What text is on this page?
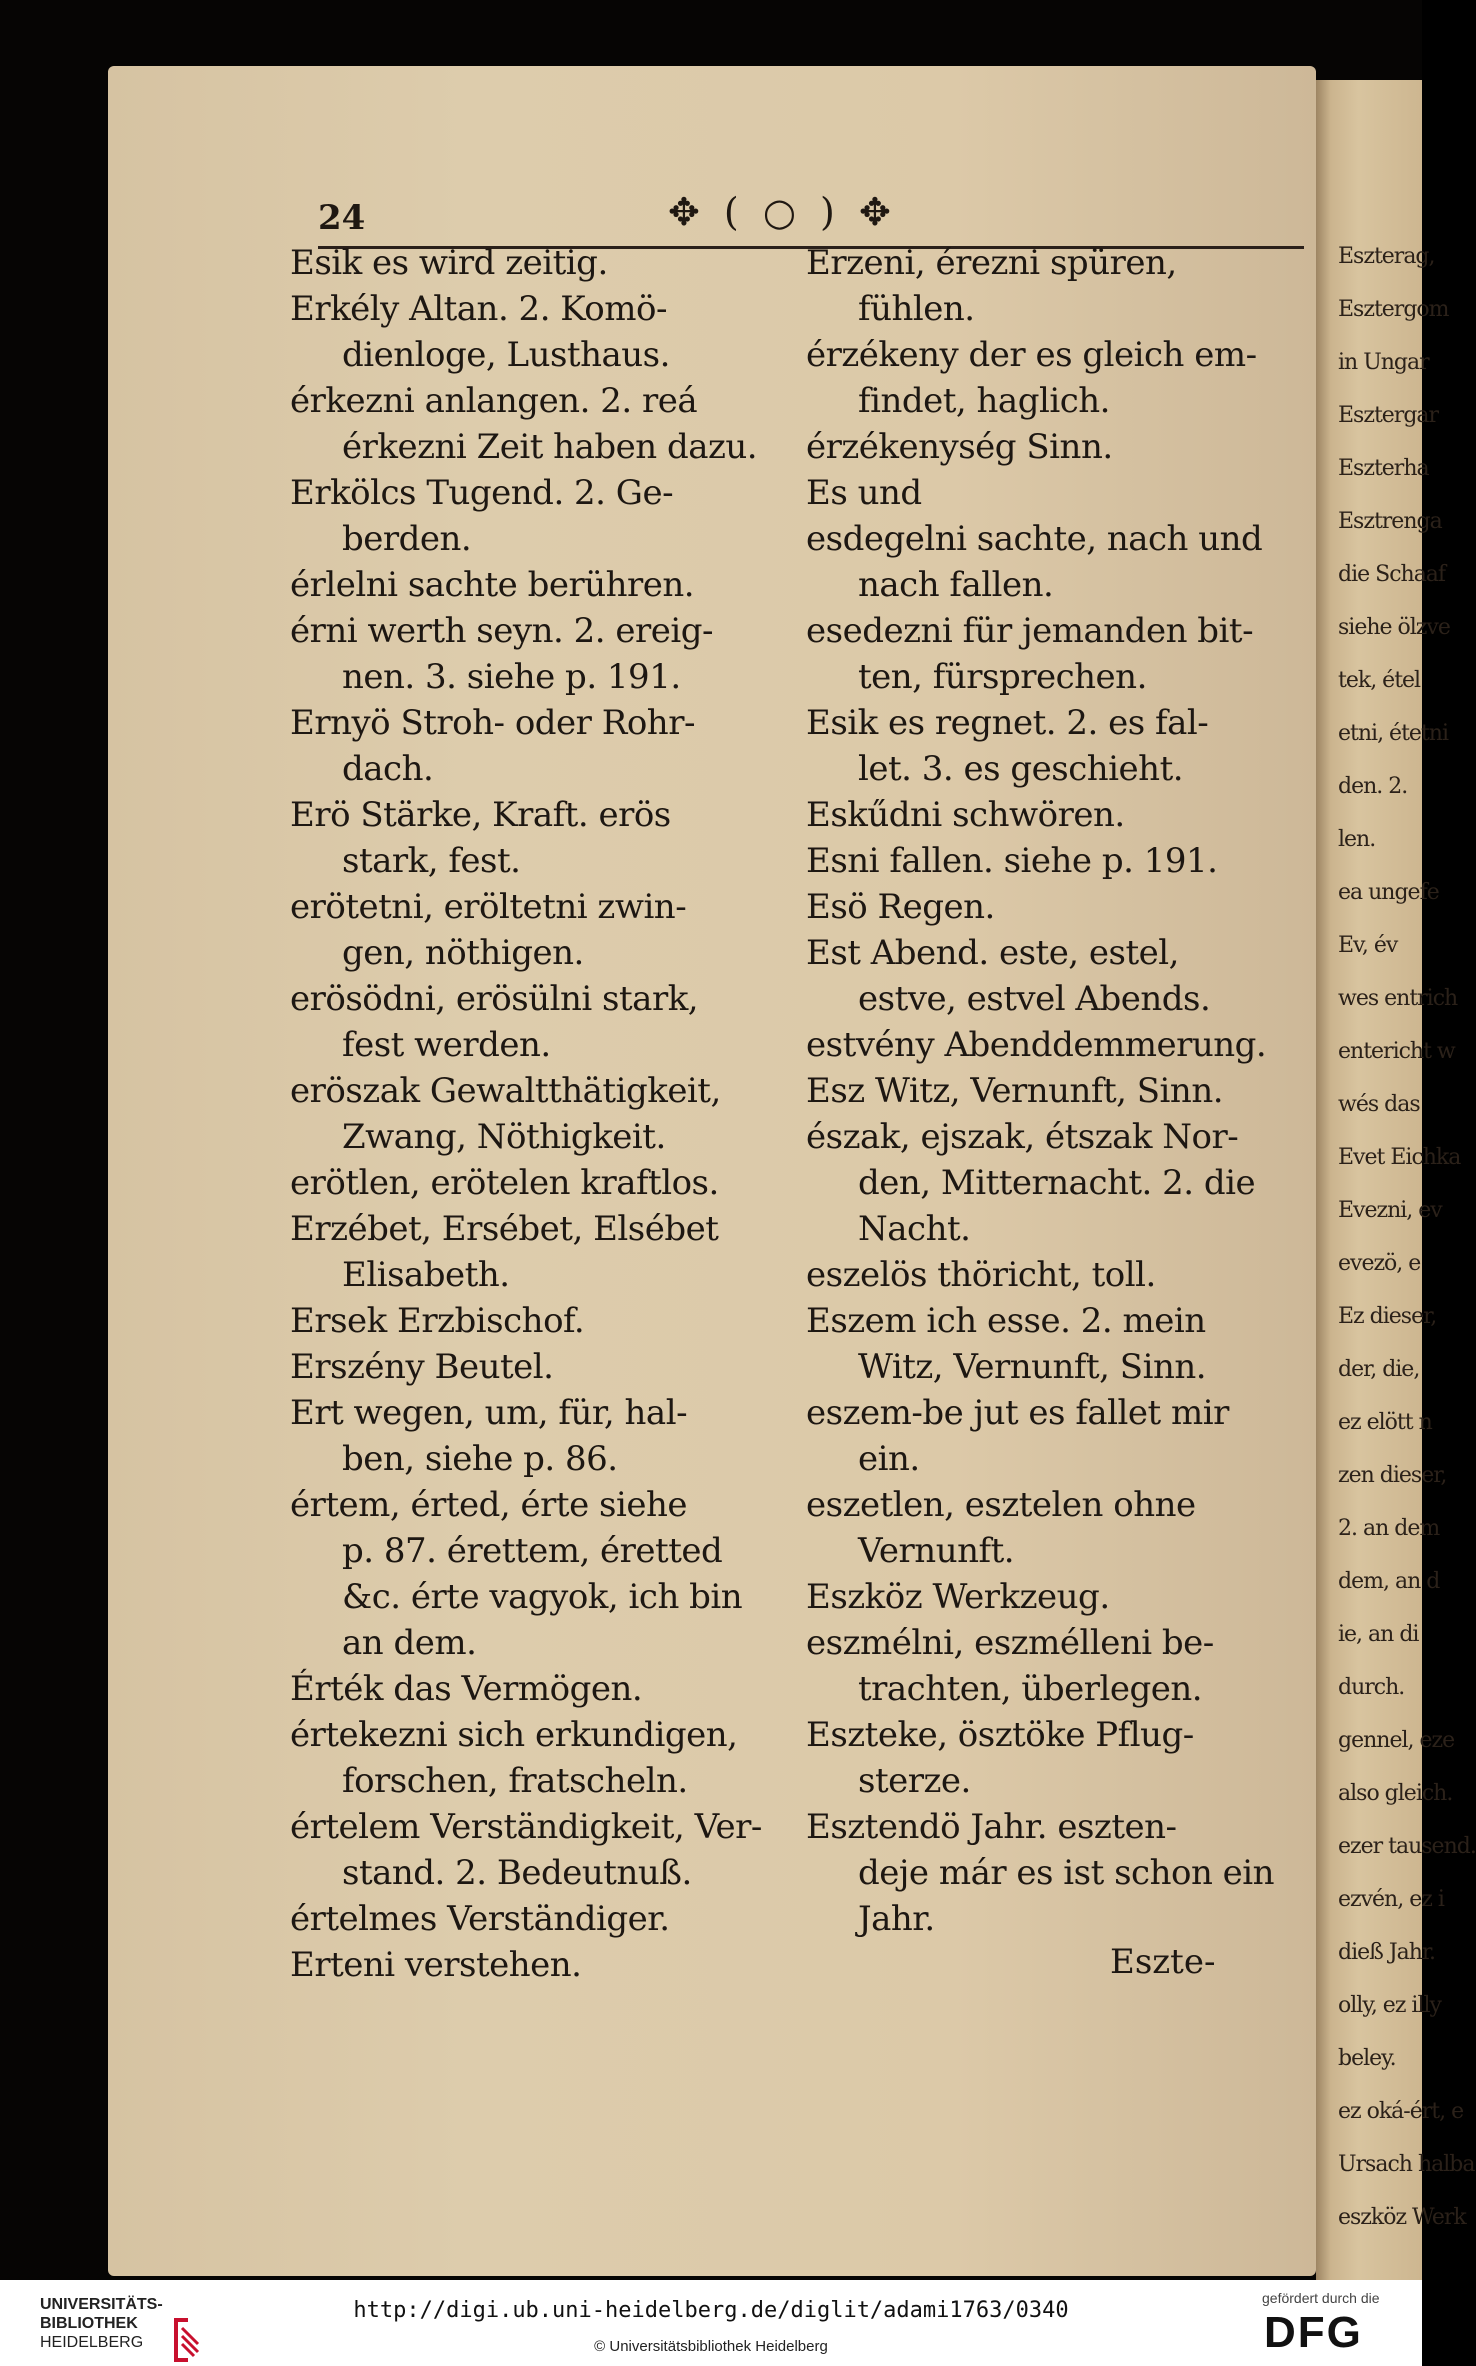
Eszterag,
Esztergom
in Ungar
Esztergar
Eszterha
Esztrenga
die Schaaf
siehe ölzve
tek, étel
etni, étetni
den. 2.
len.
ea ungefe
Ev, év
wes entrich
entericht w
wés das
Evet Eichka
Evezni, ev
evezö, e
Ez dieser,
der, die,
ez elött n
zen dieser,
2. an dem
dem, an d
ie, an di
durch.
gennel, eze
also gleich.
ezer tausend.
ezvén, ez i
dieß Jahr.
olly, ez illy
beley.
ez oká-ért, e
Ursach halba
eszköz Werk
24	✥ ( ○ ) ✥
Esik es wird zeitig.
Erkély Altan. 2. Komö-
dienloge, Lusthaus.
érkezni anlangen. 2. reá
érkezni Zeit haben dazu.
Erkölcs Tugend. 2. Ge-
berden.
érlelni sachte berühren.
érni werth seyn. 2. ereig-
nen. 3. siehe p. 191.
Ernyö Stroh- oder Rohr-
dach.
Erö Stärke, Kraft. erös
stark, fest.
erötetni, eröltetni zwin-
gen, nöthigen.
erösödni, erösülni stark,
fest werden.
eröszak Gewaltthätigkeit,
Zwang, Nöthigkeit.
erötlen, erötelen kraftlos.
Erzébet, Ersébet, Elsébet
Elisabeth.
Ersek Erzbischof.
Erszény Beutel.
Ert wegen, um, für, hal-
ben, siehe p. 86.
értem, érted, érte siehe
p. 87. érettem, éretted
&c. érte vagyok, ich bin
an dem.
Érték das Vermögen.
értekezni sich erkundigen,
forschen, fratscheln.
értelem Verständigkeit, Ver-
stand. 2. Bedeutnuß.
értelmes Verständiger.
Erteni verstehen.
Erzeni, érezni spüren,
fühlen.
érzékeny der es gleich em-
findet, haglich.
érzékenység Sinn.
Es und
esdegelni sachte, nach und
nach fallen.
esedezni für jemanden bit-
ten, fürsprechen.
Esik es regnet. 2. es fal-
let. 3. es geschieht.
Eskűdni schwören.
Esni fallen. siehe p. 191.
Esö Regen.
Est Abend. este, estel,
estve, estvel Abends.
estvény Abenddemmerung.
Esz Witz, Vernunft, Sinn.
észak, ejszak, étszak Nor-
den, Mitternacht. 2. die
Nacht.
eszelös thöricht, toll.
Eszem ich esse. 2. mein
Witz, Vernunft, Sinn.
eszem-be jut es fallet mir
ein.
eszetlen, esztelen ohne
Vernunft.
Eszköz Werkzeug.
eszmélni, eszmélleni be-
trachten, überlegen.
Eszteke, ösztöke Pflug-
sterze.
Esztendö Jahr. eszten-
deje már es ist schon ein
Jahr.
UNIVERSITÄTS-
BIBLIOTHEK
HEIDELBERG
http://digi.ub.uni-heidelberg.de/diglit/adami1763/0340
© Universitätsbibliothek Heidelberg
gefördert durch die
DFG
Eszte-
